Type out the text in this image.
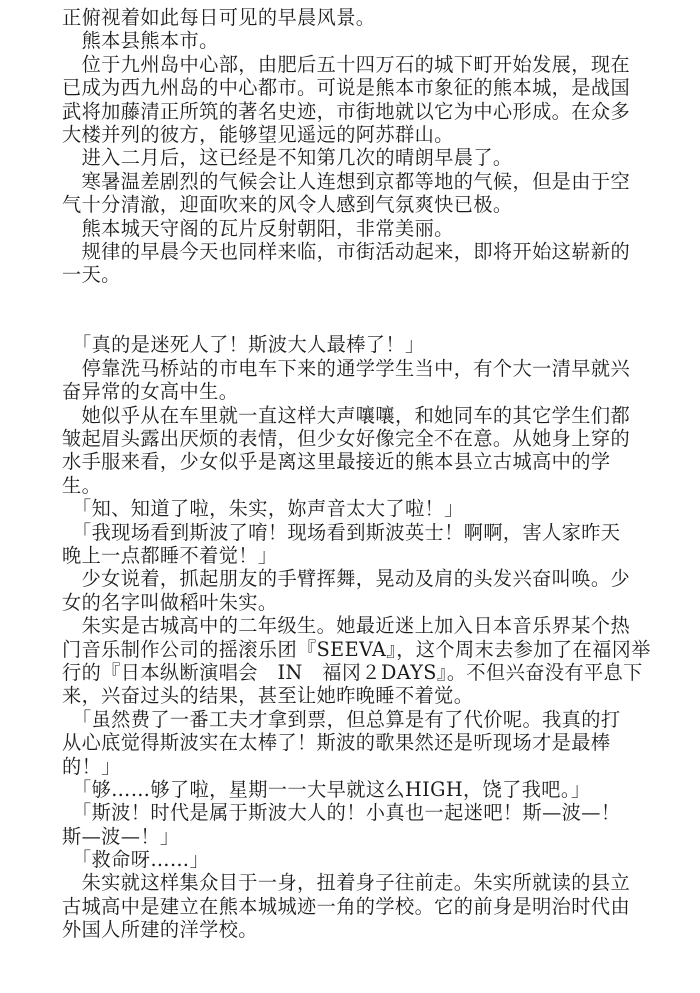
正俯视着如此每日可见的早晨风景。
　熊本县熊本市。
　位于九州岛中心部，由肥后五十四万石的城下町开始发展，现在
已成为西九州岛的中心都市。可说是熊本市象征的熊本城，是战国
武将加藤清正所筑的著名史迹，市街地就以它为中心形成。在众多
大楼并列的彼方，能够望见遥远的阿苏群山。
　进入二月后，这已经是不知第几次的晴朗早晨了。
　寒暑温差剧烈的气候会让人连想到京都等地的气候，但是由于空
气十分清澈，迎面吹来的风令人感到气氛爽快已极。
　熊本城天守阁的瓦片反射朝阳，非常美丽。
　规律的早晨今天也同样来临，市街活动起来，即将开始这崭新的
一天。
　「真的是迷死人了！斯波大人最棒了！」
　停靠洗马桥站的市电车下来的通学学生当中，有个大一清早就兴
奋异常的女高中生。
　她似乎从在车里就一直这样大声嚷嚷，和她同车的其它学生们都
皱起眉头露出厌烦的表情，但少女好像完全不在意。从她身上穿的
水手服来看，少女似乎是离这里最接近的熊本县立古城高中的学
生。
　「知、知道了啦，朱实，妳声音太大了啦！」
　「我现场看到斯波了唷！现场看到斯波英士！啊啊，害人家昨天
晚上一点都睡不着觉！」
　少女说着，抓起朋友的手臂挥舞，晃动及肩的头发兴奋叫唤。少
女的名字叫做稻叶朱实。
　朱实是古城高中的二年级生。她最近迷上加入日本音乐界某个热
门音乐制作公司的摇滚乐团『SEEVA』，这个周末去参加了在福冈举
行的『日本纵断演唱会　IN　福冈２DAYS』。不但兴奋没有平息下
来，兴奋过头的结果，甚至让她昨晚睡不着觉。
　「虽然费了一番工夫才拿到票，但总算是有了代价呢。我真的打
从心底觉得斯波实在太棒了！斯波的歌果然还是听现场才是最棒
的！」
　「够……够了啦，星期一一大早就这么HIGH，饶了我吧。」
　「斯波！时代是属于斯波大人的！小真也一起迷吧！斯—波—！
斯—波—！」
　「救命呀……」
　朱实就这样集众目于一身，扭着身子往前走。朱实所就读的县立
古城高中是建立在熊本城城迹一角的学校。它的前身是明治时代由
外国人所建的洋学校。
